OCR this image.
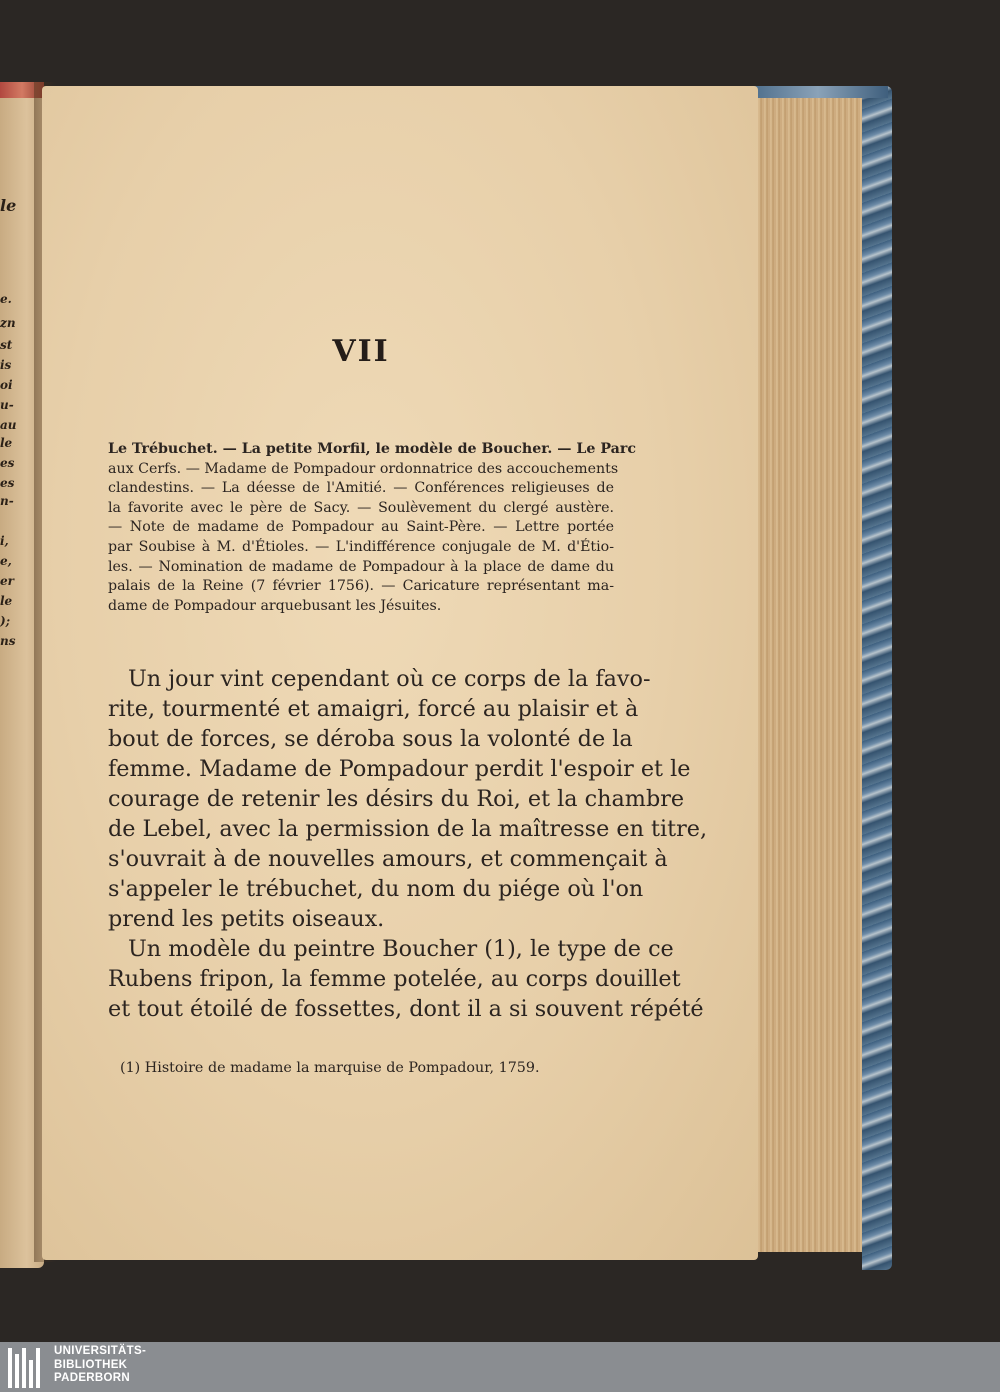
le
e.
zn
st
is
oi
u-
au
le
es
es
n-
i,
e,
er
le
);
ns
VII
Le Trébuchet. — La petite Morfil, le modèle de Boucher. — Le Parc
aux Cerfs. — Madame de Pompadour ordonnatrice des accouchements
clandestins. — La déesse de l'Amitié. — Conférences religieuses de
la favorite avec le père de Sacy. — Soulèvement du clergé austère.
— Note de madame de Pompadour au Saint-Père. — Lettre portée
par Soubise à M. d'Étioles. — L'indifférence conjugale de M. d'Étio-
les. — Nomination de madame de Pompadour à la place de dame du
palais de la Reine (7 février 1756). — Caricature représentant ma-
dame de Pompadour arquebusant les Jésuites.
Un jour vint cependant où ce corps de la favo-
rite, tourmenté et amaigri, forcé au plaisir et à
bout de forces, se déroba sous la volonté de la
femme. Madame de Pompadour perdit l'espoir et le
courage de retenir les désirs du Roi, et la chambre
de Lebel, avec la permission de la maîtresse en titre,
s'ouvrait à de nouvelles amours, et commençait à
s'appeler le trébuchet, du nom du piége où l'on
prend les petits oiseaux.
Un modèle du peintre Boucher (1), le type de ce
Rubens fripon, la femme potelée, au corps douillet
et tout étoilé de fossettes, dont il a si souvent répété
(1) Histoire de madame la marquise de Pompadour, 1759.
UNIVERSITÄTS-
BIBLIOTHEK
PADERBORN
